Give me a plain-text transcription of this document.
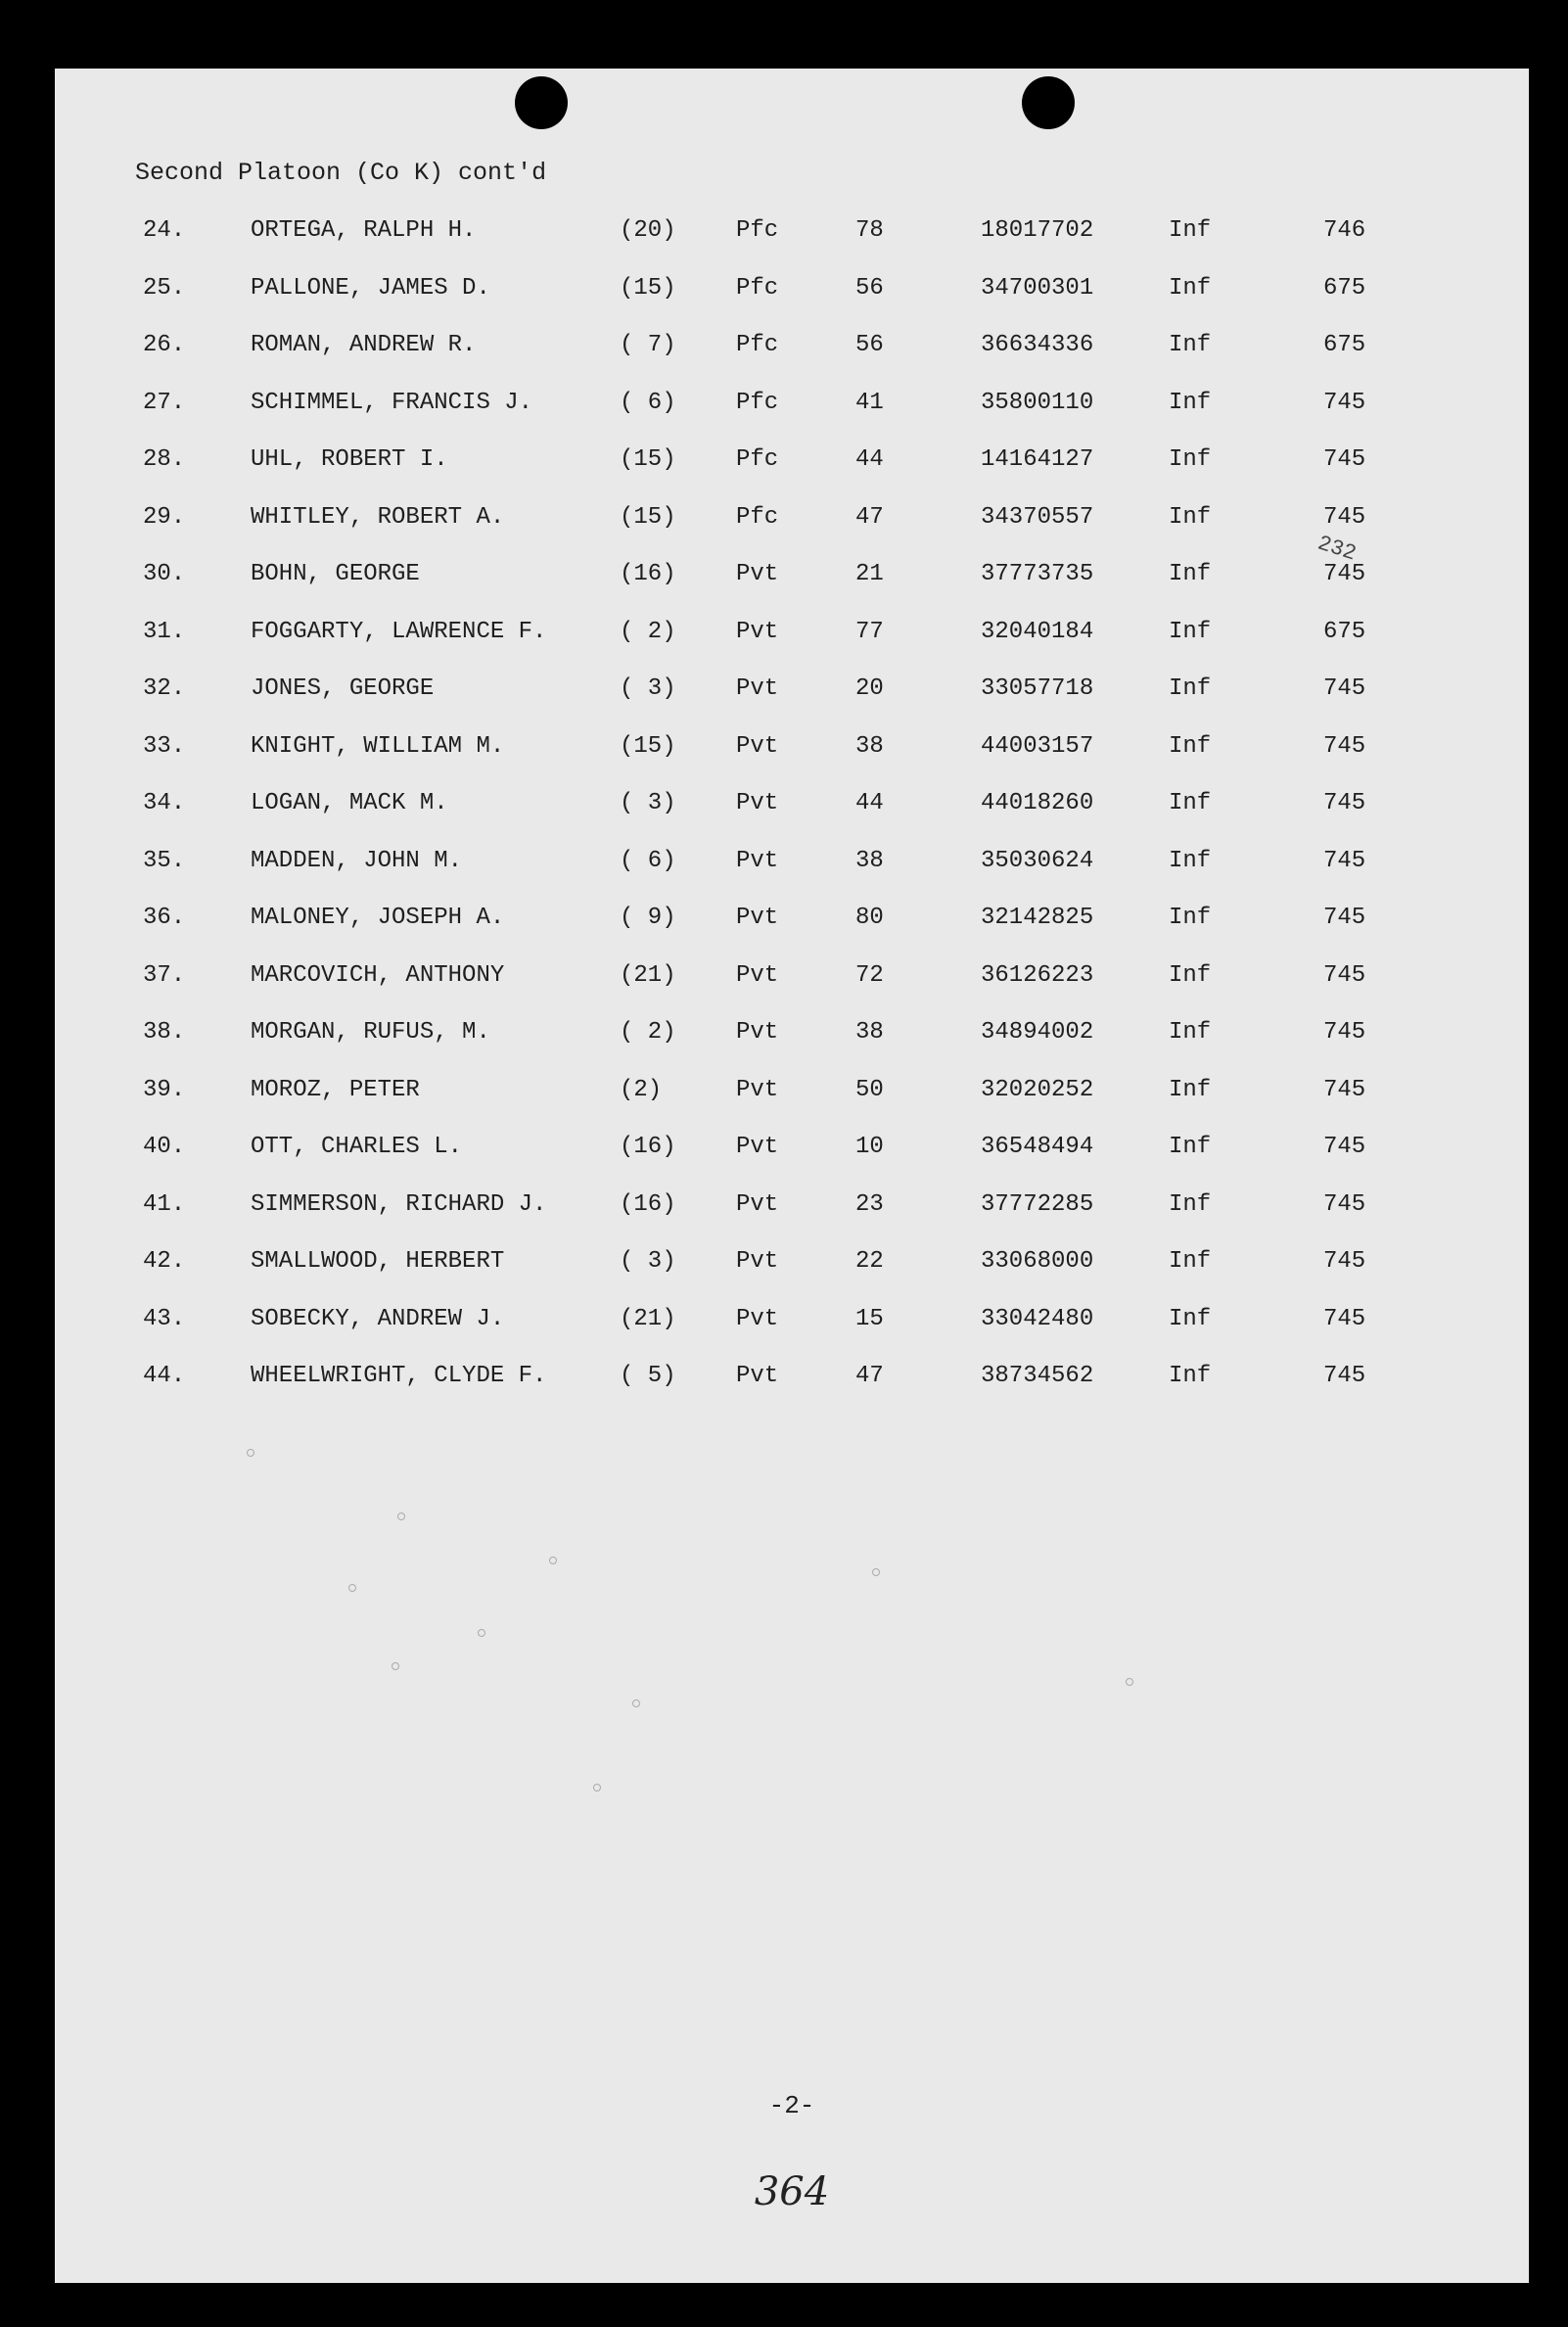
Second Platoon (Co K) cont'd
24.	ORTEGA, RALPH H.	(20)	Pfc	78	18017702	Inf	746
25.	PALLONE, JAMES D.	(15)	Pfc	56	34700301	Inf	675
26.	ROMAN, ANDREW R.	( 7)	Pfc	56	36634336	Inf	675
27.	SCHIMMEL, FRANCIS J.	( 6)	Pfc	41	35800110	Inf	745
28.	UHL, ROBERT I.	(15)	Pfc	44	14164127	Inf	745
29.	WHITLEY, ROBERT A.	(15)	Pfc	47	34370557	Inf	745
30.	BOHN, GEORGE	(16)	Pvt	21	37773735	Inf	745
31.	FOGGARTY, LAWRENCE F.	( 2)	Pvt	77	32040184	Inf	675
32.	JONES, GEORGE	( 3)	Pvt	20	33057718	Inf	745
33.	KNIGHT, WILLIAM M.	(15)	Pvt	38	44003157	Inf	745
34.	LOGAN, MACK M.	( 3)	Pvt	44	44018260	Inf	745
35.	MADDEN, JOHN M.	( 6)	Pvt	38	35030624	Inf	745
36.	MALONEY, JOSEPH A.	( 9)	Pvt	80	32142825	Inf	745
37.	MARCOVICH, ANTHONY	(21)	Pvt	72	36126223	Inf	745
38.	MORGAN, RUFUS, M.	( 2)	Pvt	38	34894002	Inf	745
39.	MOROZ, PETER	(2)	Pvt	50	32020252	Inf	745
40.	OTT, CHARLES L.	(16)	Pvt	10	36548494	Inf	745
41.	SIMMERSON, RICHARD J.	(16)	Pvt	23	37772285	Inf	745
42.	SMALLWOOD, HERBERT	( 3)	Pvt	22	33068000	Inf	745
43.	SOBECKY, ANDREW J.	(21)	Pvt	15	33042480	Inf	745
44.	WHEELWRIGHT, CLYDE F.	( 5)	Pvt	47	38734562	Inf	745
232
-2-
364
